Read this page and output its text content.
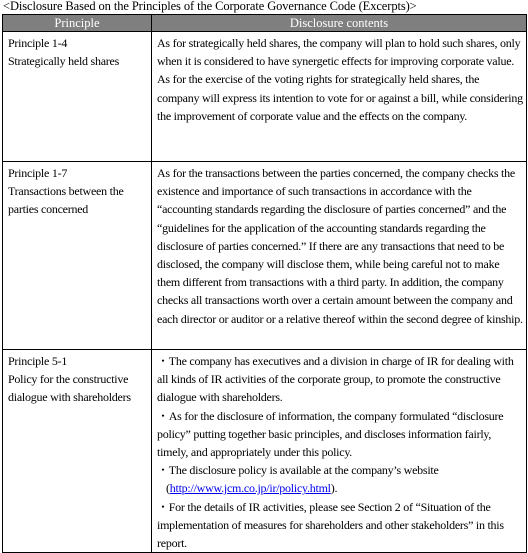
<Disclosure Based on the Principles of the Corporate Governance Code (Excerpts)>
Principle	Disclosure contents

Principle 1-4
Strategically held shares	As for strategically held shares, the company will plan to hold such shares, only when it is considered to have synergetic effects for improving corporate value. As for the exercise of the voting rights for strategically held shares, the company will express its intention to vote for or against a bill, while considering the improvement of corporate value and the effects on the company.

Principle 1-7
Transactions between the parties concerned	As for the transactions between the parties concerned, the company checks the existence and importance of such transactions in accordance with the “accounting standards regarding the disclosure of parties concerned” and the “guidelines for the application of the accounting standards regarding the disclosure of parties concerned.” If there are any transactions that need to be disclosed, the company will disclose them, while being careful not to make them different from transactions with a third party. In addition, the company checks all transactions worth over a certain amount between the company and each director or auditor or a relative thereof within the second degree of kinship.

Principle 5-1
Policy for the constructive dialogue with shareholders	・The company has executives and a division in charge of IR for dealing with all kinds of IR activities of the corporate group, to promote the constructive dialogue with shareholders.
・As for the disclosure of information, the company formulated “disclosure policy” putting together basic principles, and discloses information fairly, timely, and appropriately under this policy.
・The disclosure policy is available at the company’s website
(http://www.jcm.co.jp/ir/policy.html).
・For the details of IR activities, please see Section 2 of “Situation of the implementation of measures for shareholders and other stakeholders” in this report.
